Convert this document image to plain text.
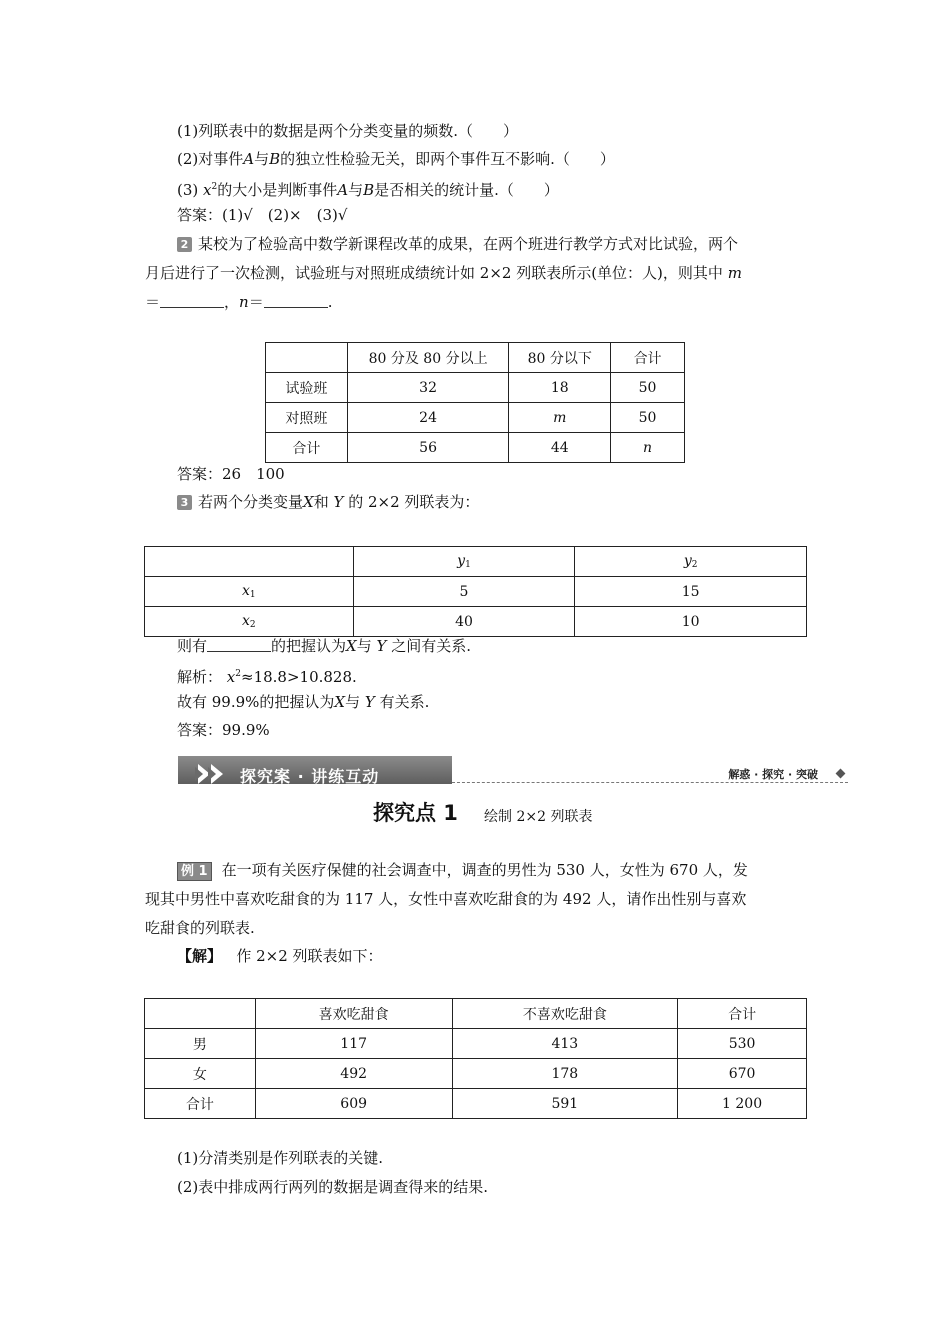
(1)列联表中的数据是两个分类变量的频数.（　　）
(2)对事件A与B的独立性检验无关，即两个事件互不影响.（　　）
(3) $x^2$的大小是判断事件A与B是否相关的统计量.（　　）
答案：(1)√　(2)×　(3)√
2 某校为了检验高中数学新课程改革的成果，在两个班进行教学方式对比试验，两个
月后进行了一次检测，试验班与对照班成绩统计如 2×2 列联表所示(单位：人)，则其中 m
＝	，n＝	.
	80 分及 80 分以上	80 分以下	合计
试验班	32	18	50
对照班	24	m	50
合计	56	44	n
答案：26　100
3 若两个分类变量X和 Y 的 2×2 列联表为：
	$y_1$	$y_2$
$x_1$	5	15
$x_2$	40	10
则有	的把握认为X与 Y 之间有关系.
解析： $x^2\approx 18.8>10.828$.
故有 99.9%的把握认为X与 Y 有关系.
答案：99.9%
探究案 · 讲练互动	解惑 · 探究 · 突破
探究点 1 绘制 2×2 列联表
例 1 在一项有关医疗保健的社会调查中，调查的男性为 530 人，女性为 670 人，发
现其中男性中喜欢吃甜食的为 117 人，女性中喜欢吃甜食的为 492 人，请作出性别与喜欢
吃甜食的列联表.
【解】 作 2×2 列联表如下：
	喜欢吃甜食	不喜欢吃甜食	合计
男	117	413	530
女	492	178	670
合计	609	591	1 200
(1)分清类别是作列联表的关键.
(2)表中排成两行两列的数据是调查得来的结果.
